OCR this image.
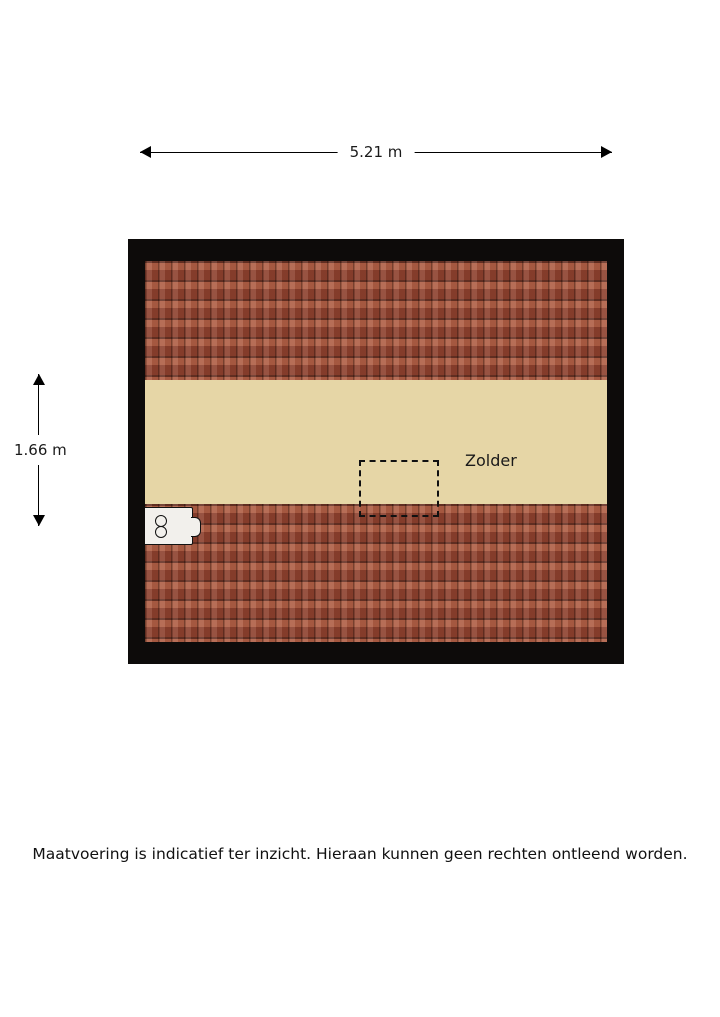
5.21 m
1.66 m
Zolder
Maatvoering is indicatief ter inzicht. Hieraan kunnen geen rechten ontleend worden.
